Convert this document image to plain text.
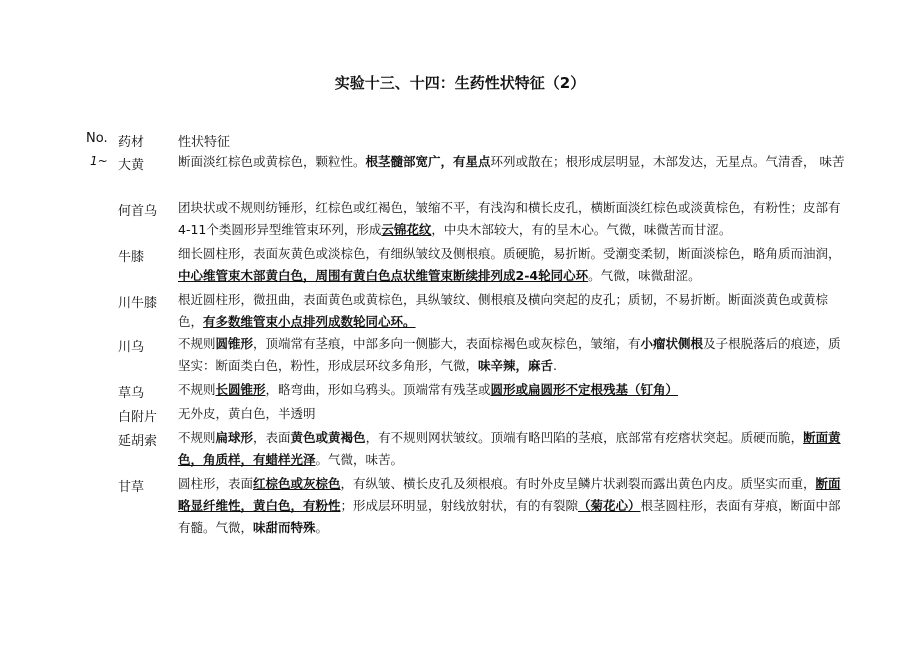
实验十三、十四：生药性状特征（2）
No. 药材	性状特征
1~ 大黄	断面淡红棕色或黄棕色，颗粒性。根茎髓部宽广，有星点环列或散在；根形成层明显，木部发达，无星点。气清香， 味苦
何首乌 团块状或不规则纺锤形，红棕色或红褐色，皱缩不平，有浅沟和横长皮孔，横断面淡红棕色或淡黄棕色，有粉性；皮部有4-11个类圆形异型维管束环列，形成云锦花纹，中央木部较大，有的呈木心。气微，味微苦而甘涩。
牛膝	细长圆柱形，表面灰黄色或淡棕色，有细纵皱纹及侧根痕。质硬脆，易折断。受潮变柔韧，断面淡棕色，略角质而油润，中心维管束木部黄白色，周围有黄白色点状维管束断续排列成2-4轮同心环。气微，味微甜涩。
川牛膝 根近圆柱形，微扭曲，表面黄色或黄棕色，具纵皱纹、侧根痕及横向突起的皮孔；质韧，不易折断。断面淡黄色或黄棕色，有多数维管束小点排列成数轮同心环。
川乌	不规则圆锥形，顶端常有茎痕，中部多向一侧膨大，表面棕褐色或灰棕色，皱缩，有小瘤状侧根及子根脱落后的痕迹，质坚实：断面类白色，粉性，形成层环纹多角形，气微，味辛辣，麻舌.
草乌	不规则长圆锥形，略弯曲，形如乌鸦头。顶端常有残茎或圆形或扁圆形不定根残基（钉角）
白附片 无外皮，黄白色，半透明
延胡索 不规则扁球形，表面黄色或黄褐色，有不规则网状皱纹。顶端有略凹陷的茎痕，底部常有疙瘩状突起。质硬而脆，断面黄色，角质样，有蜡样光泽。气微，味苦。
甘草	圆柱形，表面红棕色或灰棕色，有纵皱、横长皮孔及须根痕。有时外皮呈鳞片状剥裂而露出黄色内皮。质坚实而重，断面略显纤维性，黄白色，有粉性；形成层环明显，射线放射状，有的有裂隙（菊花心）根茎圆柱形，表面有芽痕，断面中部有髓。气微，味甜而特殊。
